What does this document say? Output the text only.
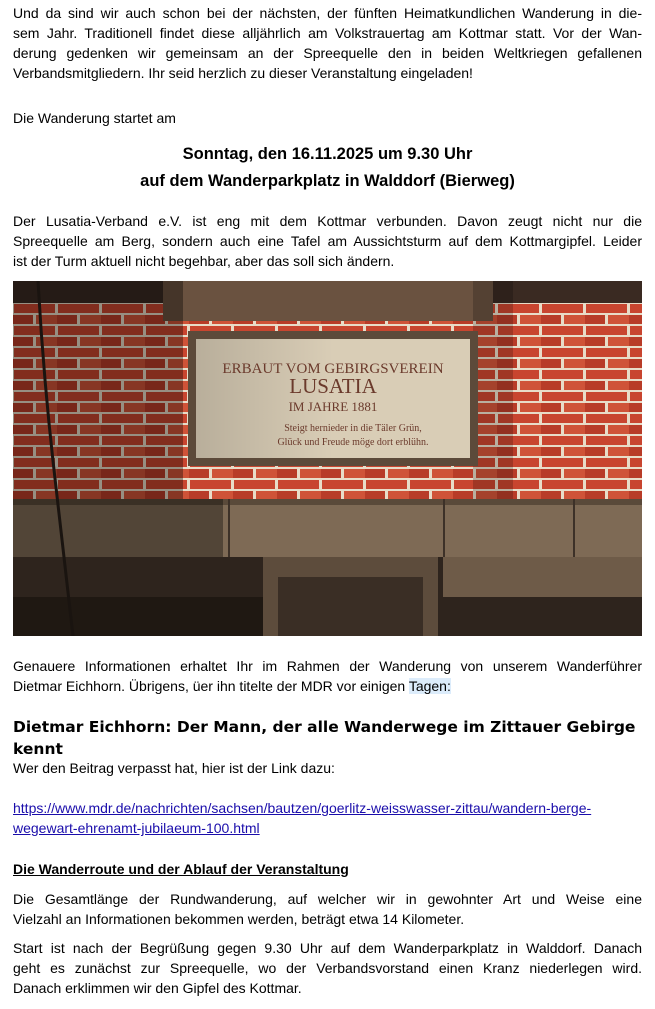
Und da sind wir auch schon bei der nächsten, der fünften Heimatkundlichen Wanderung in die-

sem Jahr. Traditionell findet diese alljährlich am Volkstrauertag am Kottmar statt. Vor der Wan-

derung gedenken wir gemeinsam an der Spreequelle den in beiden Weltkriegen gefallenen

Verbandsmitgliedern. Ihr seid herzlich zu dieser Veranstaltung eingeladen!

Die Wanderung startet am

Sonntag, den 16.11.2025 um 9.30 Uhr

auf dem Wanderparkplatz in Walddorf (Bierweg)

Der Lusatia-Verband e.V. ist eng mit dem Kottmar verbunden. Davon zeugt nicht nur die

Spreequelle am Berg, sondern auch eine Tafel am Aussichtsturm auf dem Kottmargipfel. Leider

ist der Turm aktuell nicht begehbar, aber das soll sich ändern.

ERBAUT VOM GEBIRGSVEREIN
LUSATIA
IM JAHRE 1881
Steigt hernieder in die Täler Grün,
Glück und Freude möge dort erblühn.

Genauere Informationen erhaltet Ihr im Rahmen der Wanderung von unserem Wanderführer

Dietmar Eichhorn. Übrigens, üer ihn titelte der MDR vor einigen Tagen:

Dietmar Eichhorn: Der Mann, der alle Wanderwege im Zittauer Gebirge kennt

Wer den Beitrag verpasst hat, hier ist der Link dazu:

https://www.mdr.de/nachrichten/sachsen/bautzen/goerlitz-weisswasser-zittau/wandern-berge-

wegewart-ehrenamt-jubilaeum-100.html

Die Wanderroute und der Ablauf der Veranstaltung

Die Gesamtlänge der Rundwanderung, auf welcher wir in gewohnter Art und Weise eine

Vielzahl an Informationen bekommen werden, beträgt etwa 14 Kilometer.

Start ist nach der Begrüßung gegen 9.30 Uhr auf dem Wanderparkplatz in Walddorf. Danach

geht es zunächst zur Spreequelle, wo der Verbandsvorstand einen Kranz niederlegen wird.

Danach erklimmen wir den Gipfel des Kottmar.
